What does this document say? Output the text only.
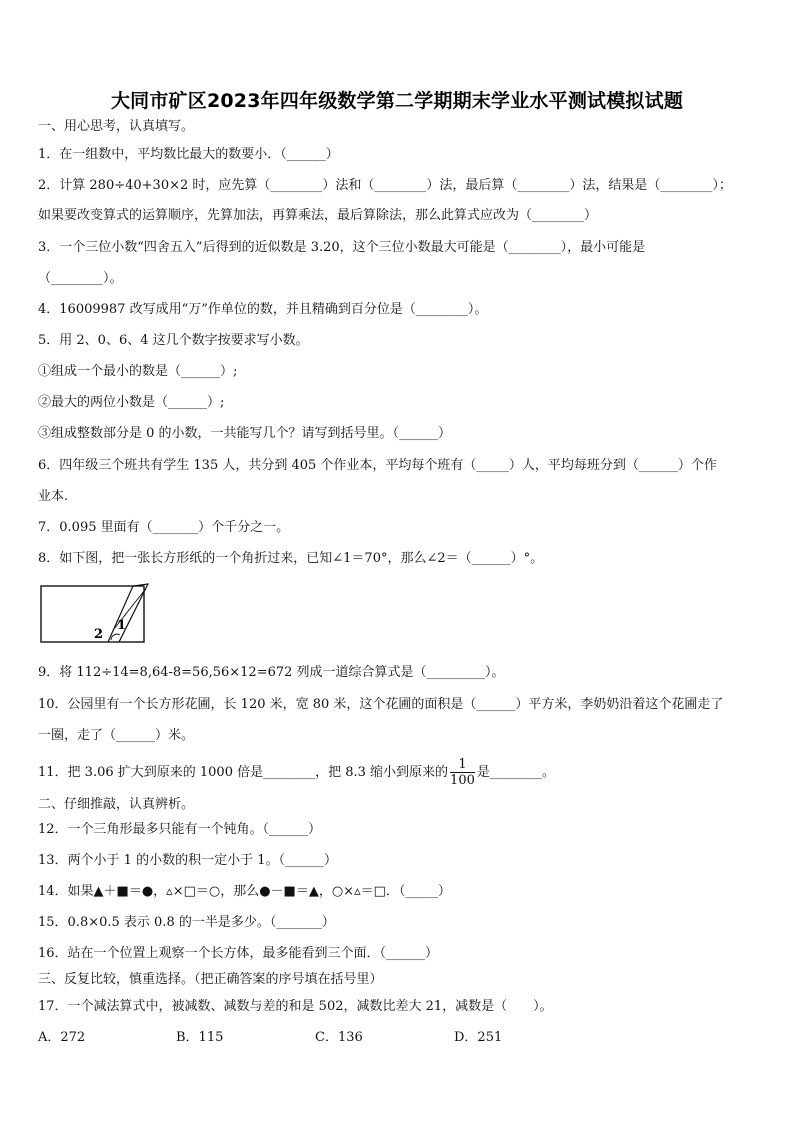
大同市矿区2023年四年级数学第二学期期末学业水平测试模拟试题
一、用心思考，认真填写。
1．在一组数中，平均数比最大的数要小．（______）
2．计算 280÷40+30×2 时，应先算（________）法和（________）法，最后算（________）法，结果是（________）；
如果要改变算式的运算顺序，先算加法，再算乘法，最后算除法，那么此算式应改为（________）
3．一个三位小数“四舍五入”后得到的近似数是 3.20，这个三位小数最大可能是（________），最小可能是
（________）。
4．16009987 改写成用“万”作单位的数，并且精确到百分位是（________）。
5．用 2、0、6、4 这几个数字按要求写小数。
①组成一个最小的数是（______）;
②最大的两位小数是（______）;
③组成整数部分是 0 的小数，一共能写几个？请写到括号里。（______）
6．四年级三个班共有学生 135 人，共分到 405 个作业本，平均每个班有（_____）人，平均每班分到（______）个作
业本.
7．0.095 里面有（_______）个千分之一。
8．如下图，把一张长方形纸的一个角折过来，已知∠1＝70°，那么∠2＝（______）°。
2
1
9．将 112÷14=8,64-8=56,56×12=672 列成一道综合算式是（_________）。
10．公园里有一个长方形花圃，长 120 米，宽 80 米，这个花圃的面积是（______）平方米，李奶奶沿着这个花圃走了
一圈，走了（______）米。
11．把 3.06 扩大到原来的 1000 倍是________，把 8.3 缩小到原来的 $\frac{1}{100}$ 是________。
二、仔细推敲，认真辨析。
12．一个三角形最多只能有一个钝角。（______）
13．两个小于 1 的小数的积一定小于 1。（______）
14．如果▲＋■＝●，▵×□＝○，那么●－■＝▲，○×▵＝□．（_____）
15．0.8×0.5 表示 0.8 的一半是多少。（_______）
16．站在一个位置上观察一个长方体，最多能看到三个面．（______）
三、反复比较，慎重选择。（把正确答案的序号填在括号里）
17．一个减法算式中，被减数、减数与差的和是 502，减数比差大 21，减数是（　　）。
A．272	B．115	C．136	D．251
